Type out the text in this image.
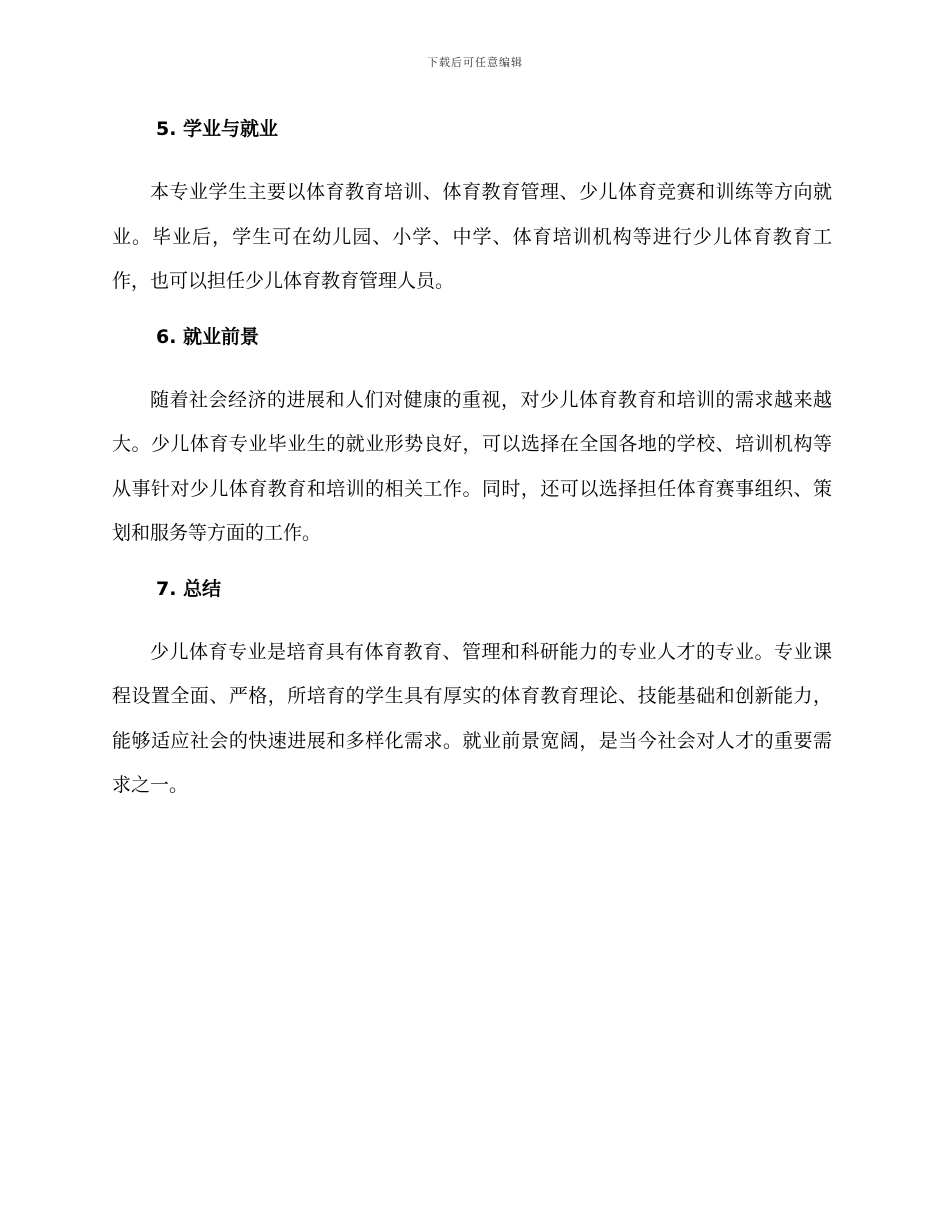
下载后可任意编辑
5. 学业与就业

本专业学生主要以体育教育培训、体育教育管理、少儿体育竞赛和训练等方向就业。毕业后，学生可在幼儿园、小学、中学、体育培训机构等进行少儿体育教育工作，也可以担任少儿体育教育管理人员。

6. 就业前景

随着社会经济的进展和人们对健康的重视，对少儿体育教育和培训的需求越来越大。少儿体育专业毕业生的就业形势良好，可以选择在全国各地的学校、培训机构等从事针对少儿体育教育和培训的相关工作。同时，还可以选择担任体育赛事组织、策划和服务等方面的工作。

7. 总结

少儿体育专业是培育具有体育教育、管理和科研能力的专业人才的专业。专业课程设置全面、严格，所培育的学生具有厚实的体育教育理论、技能基础和创新能力，能够适应社会的快速进展和多样化需求。就业前景宽阔，是当今社会对人才的重要需求之一。
